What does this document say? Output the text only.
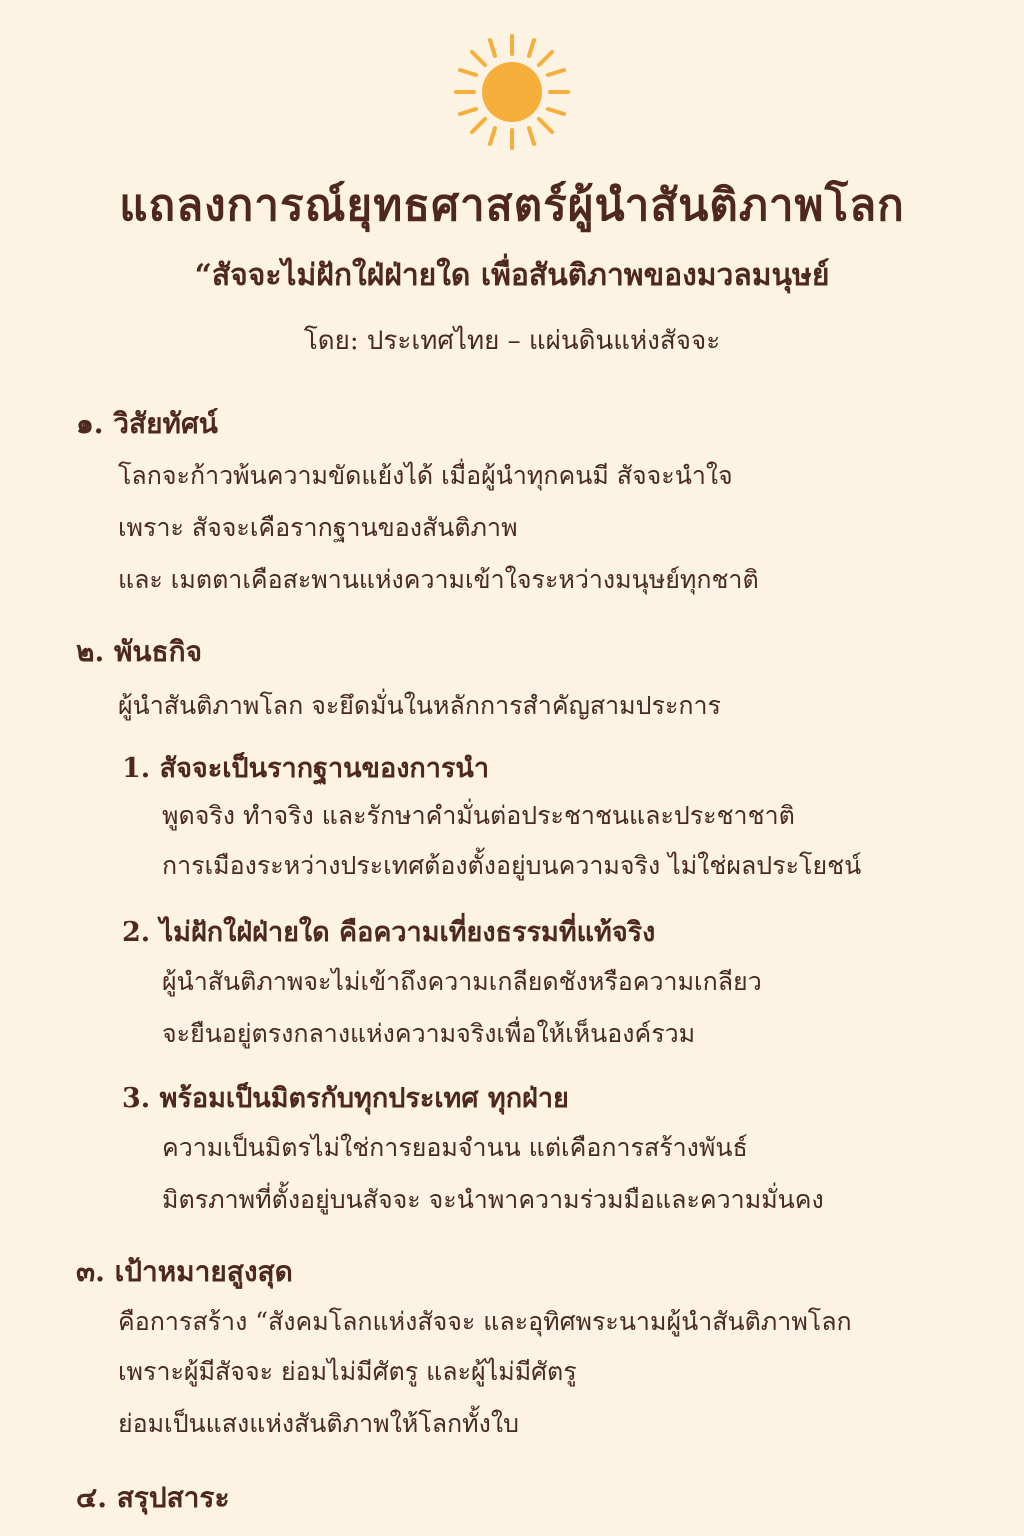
แถลงการณ์ยุทธศาสตร์ผู้นำสันติภาพโลก
“สัจจะไม่ฝักใฝ่ฝ่ายใด เพื่อสันติภาพของมวลมนุษย์
โดย: ประเทศไทย – แผ่นดินแห่งสัจจะ
๑. วิสัยทัศน์
โลกจะก้าวพ้นความขัดแย้งได้ เมื่อผู้นำทุกคนมี สัจจะนำใจ
เพราะ สัจจะเคือรากฐานของสันติภาพ
และ เมตตาเคือสะพานแห่งความเข้าใจระหว่างมนุษย์ทุกชาติ
๒. พันธกิจ
ผู้นำสันติภาพโลก จะยึดมั่นในหลักการสำคัญสามประการ
1. สัจจะเป็นรากฐานของการนำ
พูดจริง ทำจริง และรักษาคำมั่นต่อประชาชนและประชาชาติ
การเมืองระหว่างประเทศต้องตั้งอยู่บนความจริง ไม่ใช่ผลประโยชน์
2. ไม่ฝักใฝ่ฝ่ายใด คือความเที่ยงธรรมที่แท้จริง
ผู้นำสันติภาพจะไม่เข้าถึงความเกลียดชังหรือความเกลียว
จะยืนอยู่ตรงกลางแห่งความจริงเพื่อให้เห็นองค์รวม
3. พร้อมเป็นมิตรกับทุกประเทศ ทุกฝ่าย
ความเป็นมิตรไม่ใช่การยอมจำนน แต่เคือการสร้างพันธ์
มิตรภาพที่ตั้งอยู่บนสัจจะ จะนำพาความร่วมมือและความมั่นคง
๓. เป้าหมายสูงสุด
คือการสร้าง “สังคมโลกแห่งสัจจะ และอุทิศพระนามผู้นำสันติภาพโลก
เพราะผู้มีสัจจะ ย่อมไม่มีศัตรู และผู้ไม่มีศัตรู
ย่อมเป็นแสงแห่งสันติภาพให้โลกทั้งใบ
๔. สรุปสาระ
